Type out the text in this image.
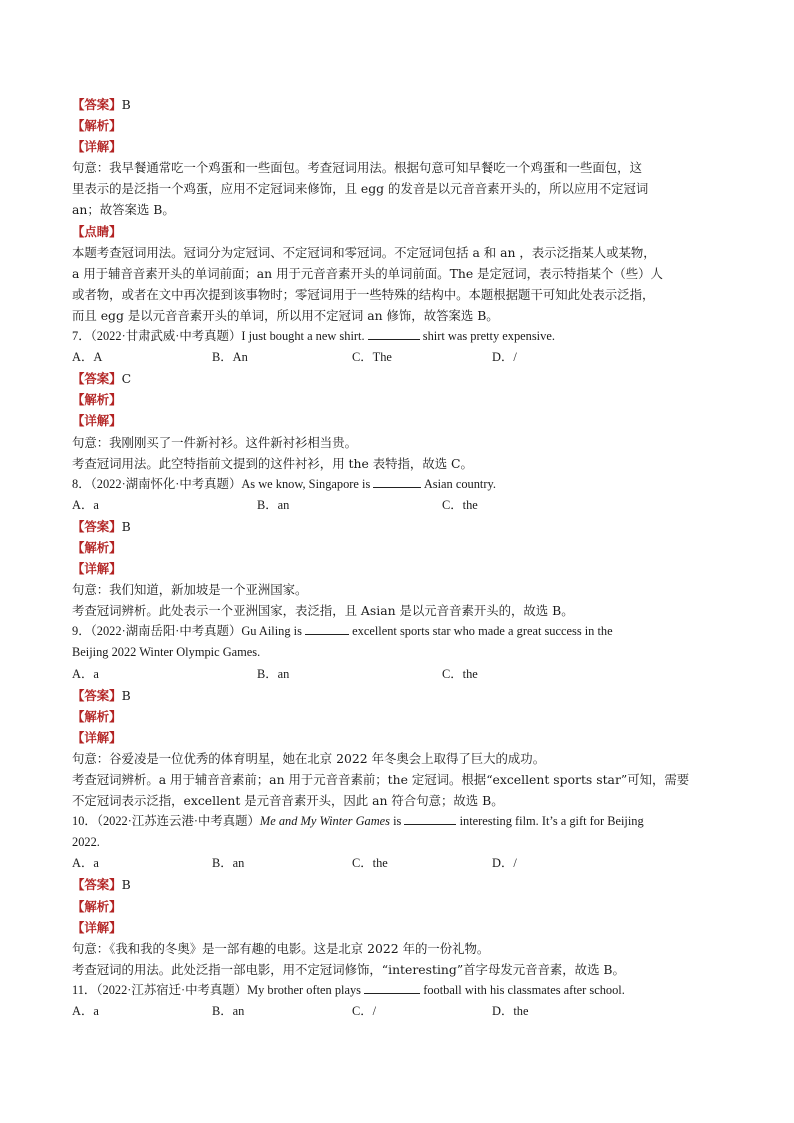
【答案】B
【解析】
【详解】
句意：我早餐通常吃一个鸡蛋和一些面包。考查冠词用法。根据句意可知早餐吃一个鸡蛋和一些面包，这
里表示的是泛指一个鸡蛋，应用不定冠词来修饰，且 egg 的发音是以元音音素开头的，所以应用不定冠词
an；故答案选 B。
【点睛】
本题考查冠词用法。冠词分为定冠词、不定冠词和零冠词。不定冠词包括 a 和 an ，表示泛指某人或某物，
a 用于辅音音素开头的单词前面；an 用于元音音素开头的单词前面。The 是定冠词，表示特指某个（些）人
或者物，或者在文中再次提到该事物时；零冠词用于一些特殊的结构中。本题根据题干可知此处表示泛指，
而且 egg 是以元音音素开头的单词，所以用不定冠词 an 修饰，故答案选 B。
7．（2022·甘肃武威·中考真题）I just bought a new shirt.	shirt was pretty expensive.
A．A	B．An	C．The	D．/
【答案】C
【解析】
【详解】
句意：我刚刚买了一件新衬衫。这件新衬衫相当贵。
考查冠词用法。此空特指前文提到的这件衬衫，用 the 表特指，故选 C。
8．（2022·湖南怀化·中考真题）As we know, Singapore is	Asian country.
A．a	B．an	C．the
【答案】B
【解析】
【详解】
句意：我们知道，新加坡是一个亚洲国家。
考查冠词辨析。此处表示一个亚洲国家，表泛指，且 Asian 是以元音音素开头的，故选 B。
9．（2022·湖南岳阳·中考真题）Gu Ailing is	excellent sports star who made a great success in the
Beijing 2022 Winter Olympic Games.
A．a	B．an	C．the
【答案】B
【解析】
【详解】
句意：谷爱凌是一位优秀的体育明星，她在北京 2022 年冬奥会上取得了巨大的成功。
考查冠词辨析。a 用于辅音音素前；an 用于元音音素前；the 定冠词。根据“excellent sports star”可知，需要
不定冠词表示泛指，excellent 是元音音素开头，因此 an 符合句意；故选 B。
10．（2022·江苏连云港·中考真题）Me and My Winter Games is	interesting film. It’s a gift for Beijing
2022.
A．a	B．an	C．the	D．/
【答案】B
【解析】
【详解】
句意：《我和我的冬奥》是一部有趣的电影。这是北京 2022 年的一份礼物。
考查冠词的用法。此处泛指一部电影，用不定冠词修饰，“interesting”首字母发元音音素，故选 B。
11．（2022·江苏宿迁·中考真题）My brother often plays	football with his classmates after school.
A．a	B．an	C．/	D．the
